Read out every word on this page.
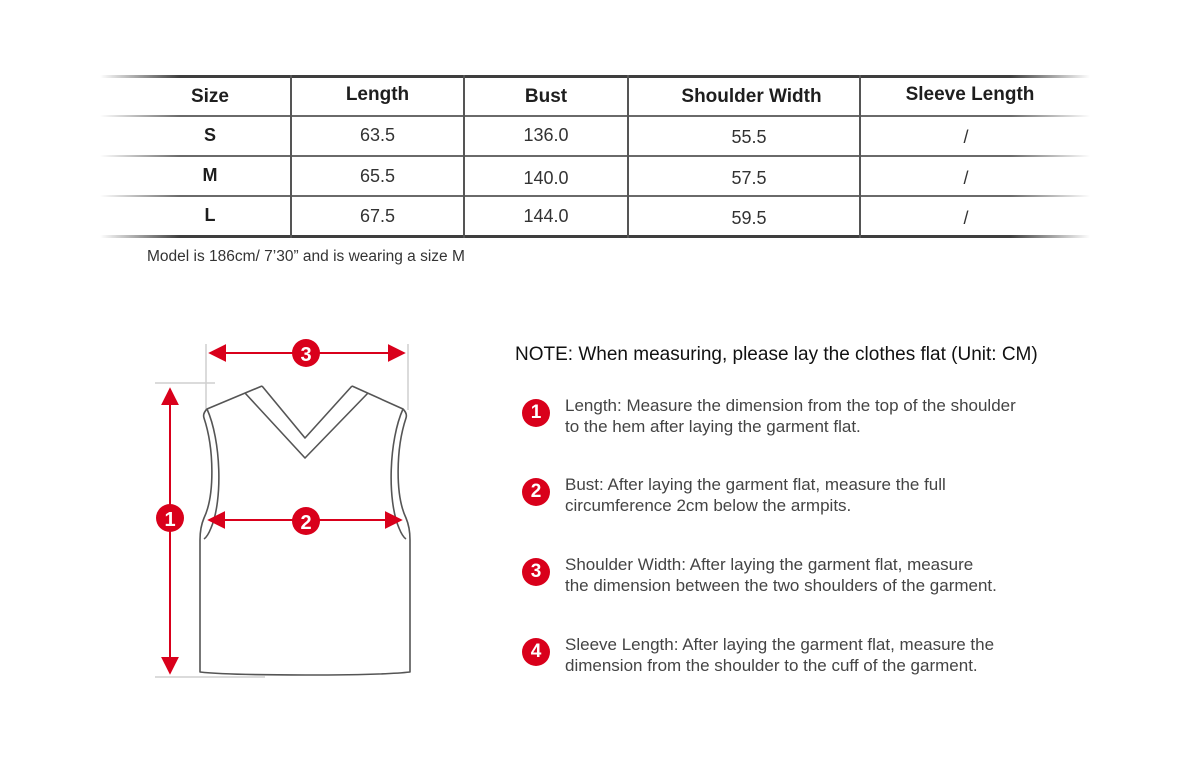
Size	Length	Bust	Shoulder Width	Sleeve Length
S	63.5	136.0	55.5	/
M	65.5	140.0	57.5	/
L	67.5	144.0	59.5	/
Model is 186cm/ 7’30” and is wearing a size M
3
1	2
NOTE: When measuring, please lay the clothes flat (Unit: CM)
1	Length: Measure the dimension from the top of the shoulder
to the hem after laying the garment flat.
2	Bust: After laying the garment flat, measure the full
circumference 2cm below the armpits.
3	Shoulder Width: After laying the garment flat, measure
the dimension between the two shoulders of the garment.
4	Sleeve Length: After laying the garment flat, measure the
dimension from the shoulder to the cuff of the garment.
